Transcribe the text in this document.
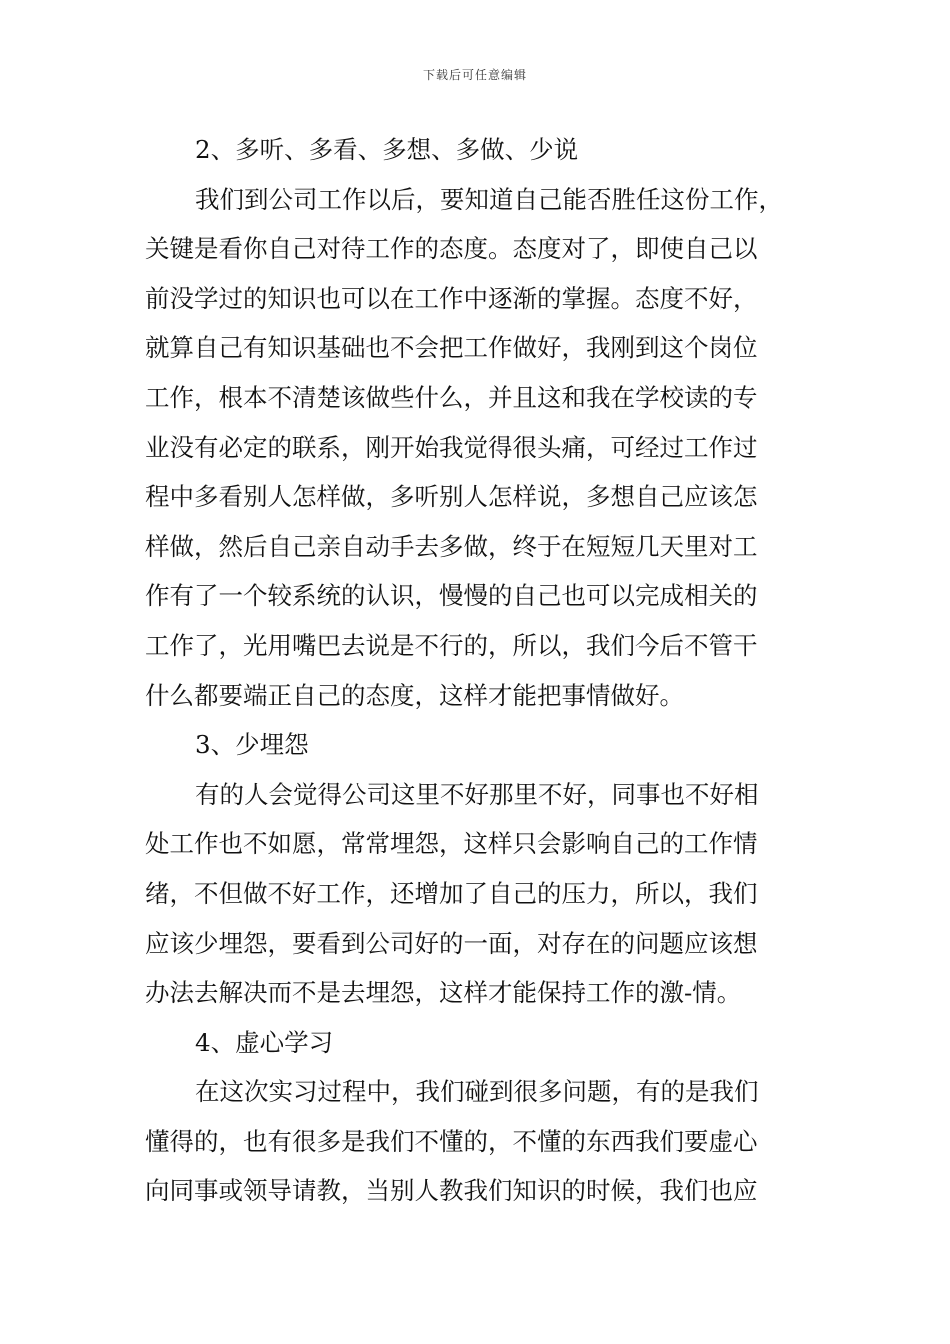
下载后可任意编辑
2、多听、多看、多想、多做、少说
我们到公司工作以后，要知道自己能否胜任这份工作，
关键是看你自己对待工作的态度。态度对了，即使自己以
前没学过的知识也可以在工作中逐渐的掌握。态度不好，
就算自己有知识基础也不会把工作做好，我刚到这个岗位
工作，根本不清楚该做些什么，并且这和我在学校读的专
业没有必定的联系，刚开始我觉得很头痛，可经过工作过
程中多看别人怎样做，多听别人怎样说，多想自己应该怎
样做，然后自己亲自动手去多做，终于在短短几天里对工
作有了一个较系统的认识，慢慢的自己也可以完成相关的
工作了，光用嘴巴去说是不行的，所以，我们今后不管干
什么都要端正自己的态度，这样才能把事情做好。
3、少埋怨
有的人会觉得公司这里不好那里不好，同事也不好相
处工作也不如愿，常常埋怨，这样只会影响自己的工作情
绪，不但做不好工作，还增加了自己的压力，所以，我们
应该少埋怨，要看到公司好的一面，对存在的问题应该想
办法去解决而不是去埋怨，这样才能保持工作的激-情。
4、虚心学习
在这次实习过程中，我们碰到很多问题，有的是我们
懂得的，也有很多是我们不懂的，不懂的东西我们要虚心
向同事或领导请教，当别人教我们知识的时候，我们也应
